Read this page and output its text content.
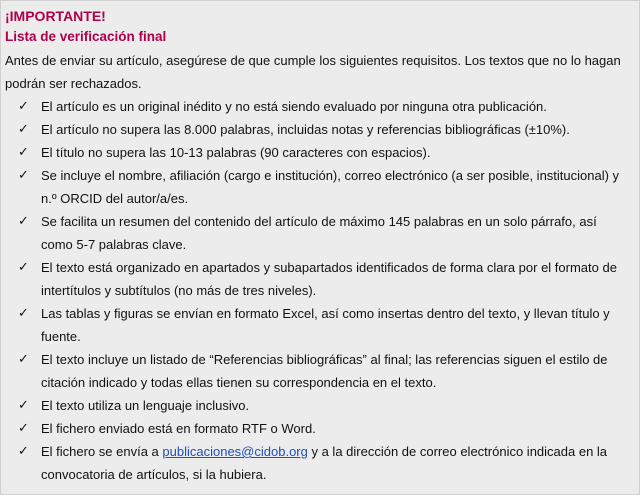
¡IMPORTANTE!
Lista de verificación final
Antes de enviar su artículo, asegúrese de que cumple los siguientes requisitos. Los textos que no lo hagan podrán ser rechazados.
✓ El artículo es un original inédito y no está siendo evaluado por ninguna otra publicación.
✓ El artículo no supera las 8.000 palabras, incluidas notas y referencias bibliográficas (±10%).
✓ El título no supera las 10-13 palabras (90 caracteres con espacios).
✓ Se incluye el nombre, afiliación (cargo e institución), correo electrónico (a ser posible, institucional) y n.º ORCID del autor/a/es.
✓ Se facilita un resumen del contenido del artículo de máximo 145 palabras en un solo párrafo, así como 5-7 palabras clave.
✓ El texto está organizado en apartados y subapartados identificados de forma clara por el formato de intertítulos y subtítulos (no más de tres niveles).
✓ Las tablas y figuras se envían en formato Excel, así como insertas dentro del texto, y llevan título y fuente.
✓ El texto incluye un listado de “Referencias bibliográficas” al final; las referencias siguen el estilo de citación indicado y todas ellas tienen su correspondencia en el texto.
✓ El texto utiliza un lenguaje inclusivo.
✓ El fichero enviado está en formato RTF o Word.
✓ El fichero se envía a publicaciones@cidob.org y a la dirección de correo electrónico indicada en la convocatoria de artículos, si la hubiera.
